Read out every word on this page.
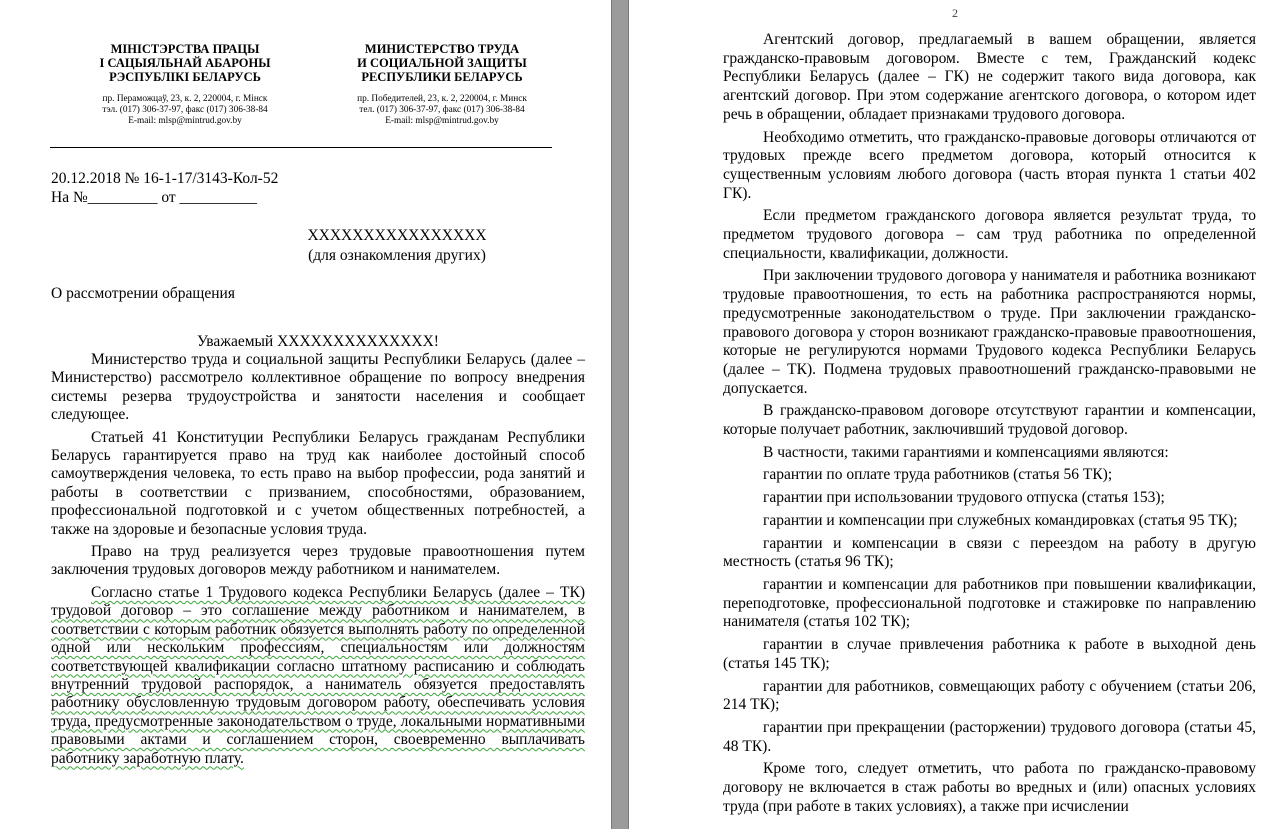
МІНІСТЭРСТВА ПРАЦЫ
І САЦЫЯЛЬНАЙ АБАРОНЫ
РЭСПУБЛІКІ БЕЛАРУСЬ
пр. Пераможцаў, 23, к. 2, 220004, г. Мінск
тэл. (017) 306-37-97, факс (017) 306-38-84
E-mail: mlsp@mintrud.gov.by
МИНИСТЕРСТВО ТРУДА
И СОЦИАЛЬНОЙ ЗАЩИТЫ
РЕСПУБЛИКИ БЕЛАРУСЬ
пр. Победителей, 23, к. 2, 220004, г. Минск
тел. (017) 306-37-97, факс (017) 306-38-84
E-mail: mlsp@mintrud.gov.by
20.12.2018 № 16-1-17/3143-Кол-52
На №_________ от __________
ХХХХХХХХХХХХХХХХ
(для ознакомления других)
О рассмотрении обращения
Уважаемый ХХХХХХХХХХХХХХ!

Министерство труда и социальной защиты Республики Беларусь (далее – Министерство) рассмотрело коллективное обращение по вопросу внедрения системы резерва трудоустройства и занятости населения и сообщает следующее.

Статьей 41 Конституции Республики Беларусь гражданам Республики Беларусь гарантируется право на труд как наиболее достойный способ самоутверждения человека, то есть право на выбор профессии, рода занятий и работы в соответствии с призванием, способностями, образованием, профессиональной подготовкой и с учетом общественных потребностей, а также на здоровые и безопасные условия труда.

Право на труд реализуется через трудовые правоотношения путем заключения трудовых договоров между работником и нанимателем.

Согласно статье 1 Трудового кодекса Республики Беларусь (далее – ТК) трудовой договор – это соглашение между работником и нанимателем, в соответствии с которым работник обязуется выполнять работу по определенной одной или нескольким профессиям, специальностям или должностям соответствующей квалификации согласно штатному расписанию и соблюдать внутренний трудовой распорядок, а наниматель обязуется предоставлять работнику обусловленную трудовым договором работу, обеспечивать условия труда, предусмотренные законодательством о труде, локальными нормативными правовыми актами и соглашением сторон, своевременно выплачивать работнику заработную плату.

2

Агентский договор, предлагаемый в вашем обращении, является гражданско-правовым договором. Вместе с тем, Гражданский кодекс Республики Беларусь (далее – ГК) не содержит такого вида договора, как агентский договор. При этом содержание агентского договора, о котором идет речь в обращении, обладает признаками трудового договора.

Необходимо отметить, что гражданско-правовые договоры отличаются от трудовых прежде всего предметом договора, который относится к существенным условиям любого договора (часть вторая пункта 1 статьи 402 ГК).

Если предметом гражданского договора является результат труда, то предметом трудового договора – сам труд работника по определенной специальности, квалификации, должности.

При заключении трудового договора у нанимателя и работника возникают трудовые правоотношения, то есть на работника распространяются нормы, предусмотренные законодательством о труде. При заключении гражданско-правового договора у сторон возникают гражданско-правовые правоотношения, которые не регулируются нормами Трудового кодекса Республики Беларусь (далее – ТК). Подмена трудовых правоотношений гражданско-правовыми не допускается.

В гражданско-правовом договоре отсутствуют гарантии и компенсации, которые получает работник, заключивший трудовой договор.

В частности, такими гарантиями и компенсациями являются:

гарантии по оплате труда работников (статья 56 ТК);

гарантии при использовании трудового отпуска (статья 153);

гарантии и компенсации при служебных командировках (статья 95 ТК);

гарантии и компенсации в связи с переездом на работу в другую местность (статья 96 ТК);

гарантии и компенсации для работников при повышении квалификации, переподготовке, профессиональной подготовке и стажировке по направлению нанимателя (статья 102 ТК);

гарантии в случае привлечения работника к работе в выходной день (статья 145 ТК);

гарантии для работников, совмещающих работу с обучением (статьи 206, 214 ТК);

гарантии при прекращении (расторжении) трудового договора (статьи 45, 48 ТК).

Кроме того, следует отметить, что работа по гражданско-правовому договору не включается в стаж работы во вредных и (или) опасных условиях труда (при работе в таких условиях), а также при исчислении
